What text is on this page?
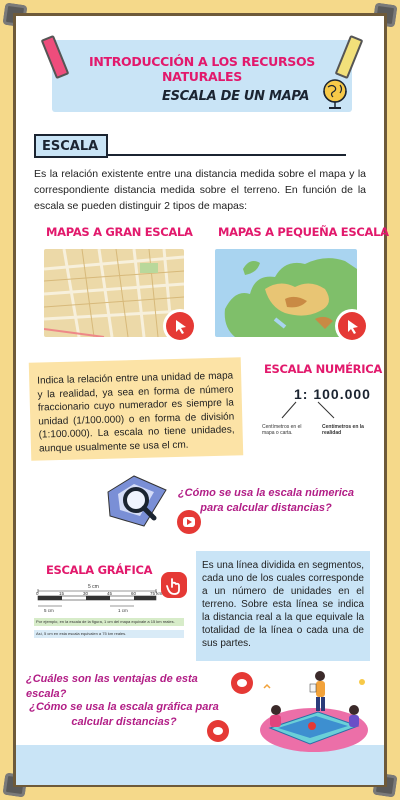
INTRODUCCIÓN A LOS RECURSOS NATURALES
ESCALA DE UN MAPA
ESCALA

Es la relación existente entre una distancia medida sobre el mapa y la correspondiente distancia medida sobre el terreno. En función de la escala se pueden distinguir 2 tipos de mapas:

MAPAS A GRAN ESCALA MAPAS A PEQUEÑA ESCALA

Indica la relación entre una unidad de mapa y la realidad, ya sea en forma de número fraccionario cuyo numerador es siempre la unidad (1/100.000) o en forma de división (1:100.000). La escala no tiene unidades, aunque usualmente se usa el cm.

ESCALA NUMÉRICA
1: 100.000
Centímetros en el mapa o carta.
Centímetros en la realidad
¿Cómo se usa la escala númerica para calcular distancias?
ESCALA GRÁFICA
5 cm
0	15	30	45	60	75 km
5 cm	1 cm
Por ejemplo, en la escala de la figura, 1 cm del mapa equivale a 15 km reales.
Así, 5 cm en esta escala equivalen a 75 km reales.

Es una línea dividida en segmentos, cada uno de los cuales corresponde a un número de unidades en el terreno. Sobre esta línea se indica la distancia real a la que equivale la totalidad de la línea o cada una de sus partes.

¿Cuáles son las ventajas de esta escala?
¿Cómo se usa la escala gráfica para calcular distancias?
